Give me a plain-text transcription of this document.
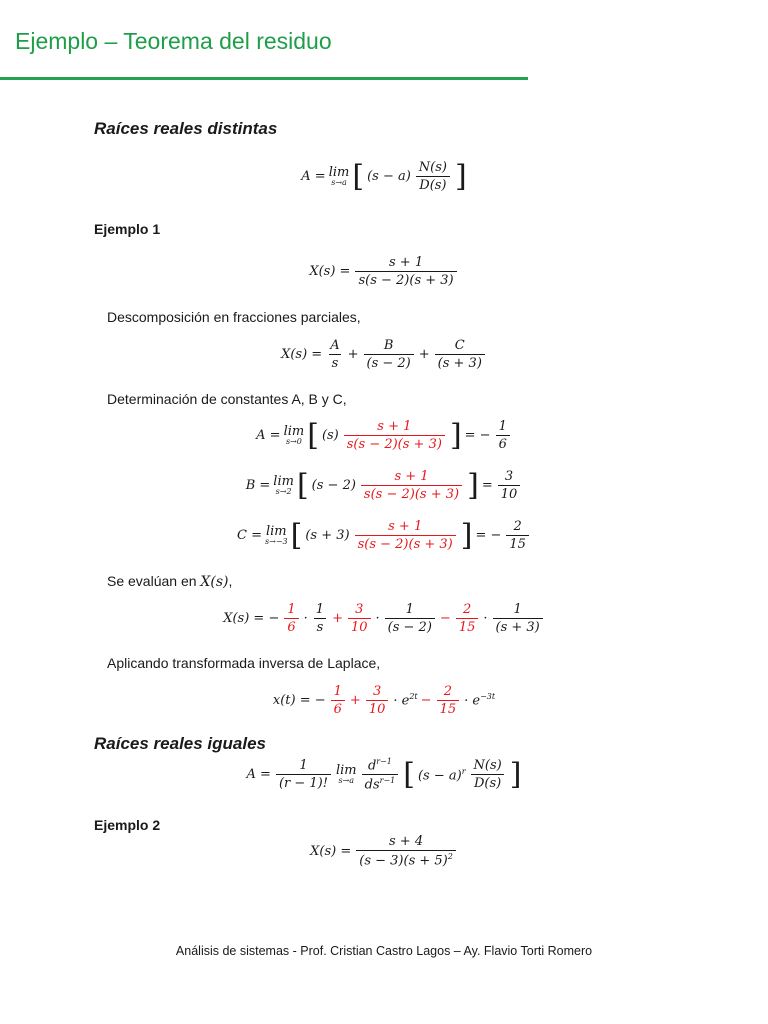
Ejemplo – Teorema del residuo
Raíces reales distintas
A = lim
s→a [ $(s - a) \frac{N(s)}{D(s)}$ ]
Ejemplo 1
$X(s) = \frac{s + 1}{s(s - 2)(s + 3)}$
Descomposición en fracciones parciales,
$X(s) = \frac{A}{s} + \frac{B}{(s - 2)} + \frac{C}{(s + 3)}$
Determinación de constantes A, B y C,
A = lim
s→0 [ $(s) \frac{s + 1}{s(s - 2)(s + 3)}$ ] = − $\frac{1}{6}$
B = lim
s→2 [ $(s - 2) \frac{s + 1}{s(s - 2)(s + 3)}$ ] = $\frac{3}{10}$
C = lim
s→−3 [ $(s + 3) \frac{s + 1}{s(s - 2)(s + 3)}$ ] = − $\frac{2}{15}$
Se evalúan en X(s),
X(s) = − $\frac{1}{6} \cdot \frac{1}{s} + \frac{3}{10} \cdot \frac{1}{(s - 2)} - \frac{2}{15} \cdot \frac{1}{(s + 3)}$
Aplicando transformada inversa de Laplace,
x(t) = − $\frac{1}{6} + \frac{3}{10} \cdot e^{2t} - \frac{2}{15} \cdot e^{-3t}$
Raíces reales iguales
$A = \frac{1}{(r - 1)!}$ lim
$s\to a \frac{d^{r-1}}{ds^{r-1}}$ [ $(s - a)^r \frac{N(s)}{D(s)}$ ]
Ejemplo 2
$X(s) = \frac{s + 4}{(s - 3)(s + 5)^2}$
Análisis de sistemas - Prof. Cristian Castro Lagos – Ay. Flavio Torti Romero
